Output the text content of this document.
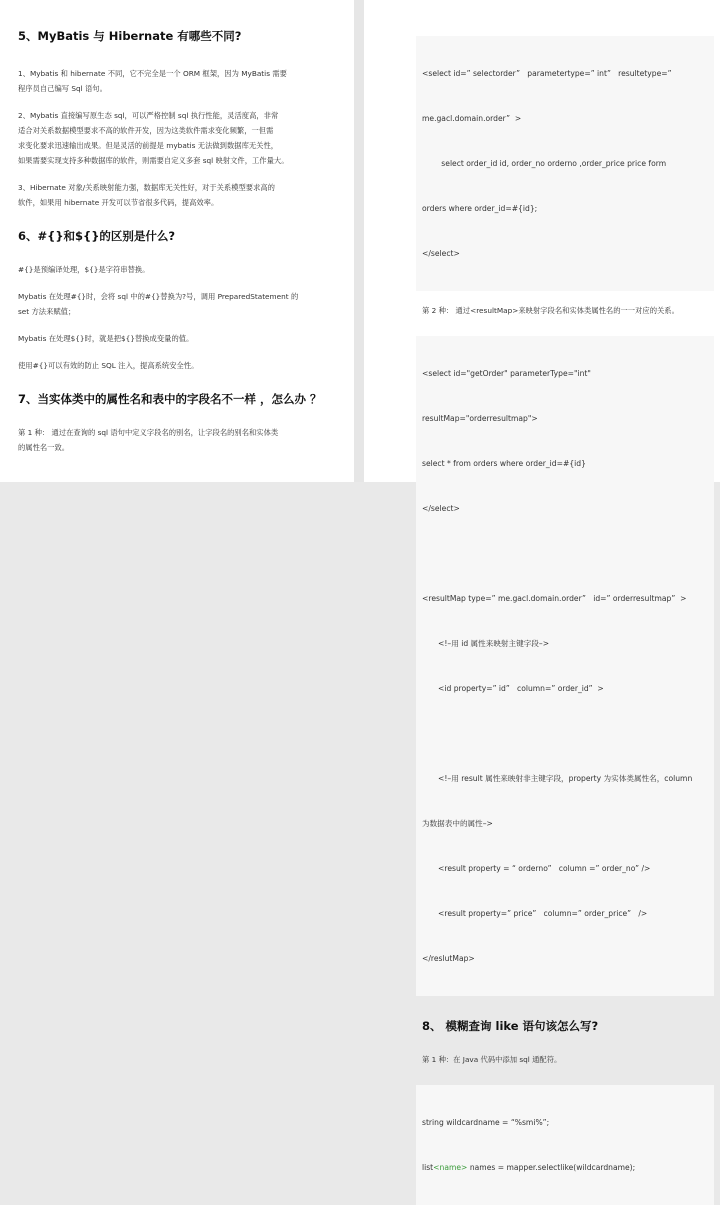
5、MyBatis 与 Hibernate 有哪些不同?

1、Mybatis 和 hibernate 不同，它不完全是一个 ORM 框架，因为 MyBatis 需要

程序员自己编写 Sql 语句。

2、Mybatis 直接编写原生态 sql，可以严格控制 sql 执行性能，灵活度高，非常

适合对关系数据模型要求不高的软件开发，因为这类软件需求变化频繁，一但需

求变化要求迅速输出成果。但是灵活的前提是 mybatis 无法做到数据库无关性，

如果需要实现支持多种数据库的软件，则需要自定义多套 sql 映射文件，工作量大。

3、Hibernate 对象/关系映射能力强，数据库无关性好，对于关系模型要求高的

软件，如果用 hibernate 开发可以节省很多代码，提高效率。

6、#{}和${}的区别是什么?

#{}是预编译处理，${}是字符串替换。

Mybatis 在处理#{}时，会将 sql 中的#{}替换为?号，调用 PreparedStatement 的

set 方法来赋值；

Mybatis 在处理${}时，就是把${}替换成变量的值。

使用#{}可以有效的防止 SQL 注入，提高系统安全性。

7、当实体类中的属性名和表中的字段名不一样 ，怎么办 ？

第 1 种： 通过在查询的 sql 语句中定义字段名的别名，让字段名的别名和实体类

的属性名一致。

<select id=” selectorder”   parametertype=” int”   resultetype=”

me.gacl.domain.order”  >

select order_id id, order_no orderno ,order_price price form

orders where order_id=#{id};

</select>

第 2 种： 通过<resultMap>来映射字段名和实体类属性名的一一对应的关系。

<select id="getOrder" parameterType="int"

resultMap="orderresultmap">

select * from orders where order_id=#{id}

</select>

<resultMap type=” me.gacl.domain.order”   id=” orderresultmap”  >

<!–用 id 属性来映射主键字段–>

<id property=” id”   column=” order_id”  >

<!–用 result 属性来映射非主键字段，property 为实体类属性名，column

为数据表中的属性–>

<result property = “ orderno”   column =” order_no” />

<result property=” price”   column=” order_price”   />

</reslutMap>

8、 模糊查询 like 语句该怎么写?

第 1 种：在 Java 代码中添加 sql 通配符。

string wildcardname = “%smi%”;

list<name> names = mapper.selectlike(wildcardname);
